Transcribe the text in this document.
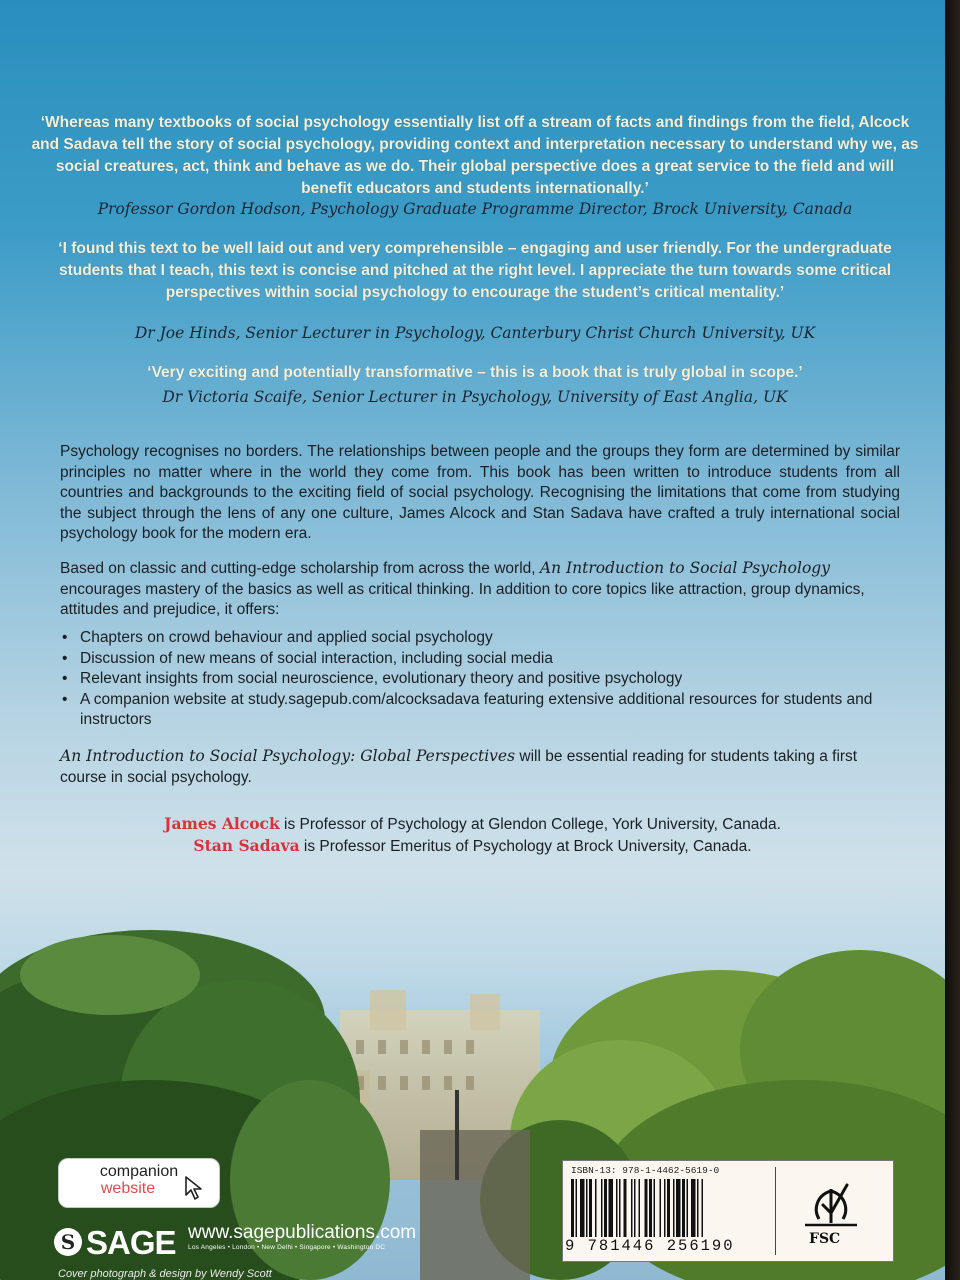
‘Whereas many textbooks of social psychology essentially list off a stream of facts and findings from the field, Alcock and Sadava tell the story of social psychology, providing context and interpretation necessary to understand why we, as social creatures, act, think and behave as we do. Their global perspective does a great service to the field and will benefit educators and students internationally.’
Professor Gordon Hodson, Psychology Graduate Programme Director, Brock University, Canada
‘I found this text to be well laid out and very comprehensible – engaging and user friendly. For the undergraduate students that I teach, this text is concise and pitched at the right level. I appreciate the turn towards some critical perspectives within social psychology to encourage the student’s critical mentality.’
Dr Joe Hinds, Senior Lecturer in Psychology, Canterbury Christ Church University, UK
‘Very exciting and potentially transformative – this is a book that is truly global in scope.’
Dr Victoria Scaife, Senior Lecturer in Psychology, University of East Anglia, UK
Psychology recognises no borders. The relationships between people and the groups they form are determined by similar principles no matter where in the world they come from. This book has been written to introduce students from all countries and backgrounds to the exciting field of social psychology. Recognising the limitations that come from studying the subject through the lens of any one culture, James Alcock and Stan Sadava have crafted a truly international social psychology book for the modern era.
Based on classic and cutting-edge scholarship from across the world, An Introduction to Social Psychology encourages mastery of the basics as well as critical thinking. In addition to core topics like attraction, group dynamics, attitudes and prejudice, it offers:
• Chapters on crowd behaviour and applied social psychology
• Discussion of new means of social interaction, including social media
• Relevant insights from social neuroscience, evolutionary theory and positive psychology
• A companion website at study.sagepub.com/alcocksadava featuring extensive additional resources for students and instructors
An Introduction to Social Psychology: Global Perspectives will be essential reading for students taking a first course in social psychology.
James Alcock is Professor of Psychology at Glendon College, York University, Canada.
Stan Sadava is Professor Emeritus of Psychology at Brock University, Canada.
companion
website
S SAGE www.sagepublications.com
Los Angeles • London • New Delhi • Singapore • Washington DC
Cover photograph & design by Wendy Scott
ISBN-13: 978-1-4462-5619-0
9 781446 256190	FSC
